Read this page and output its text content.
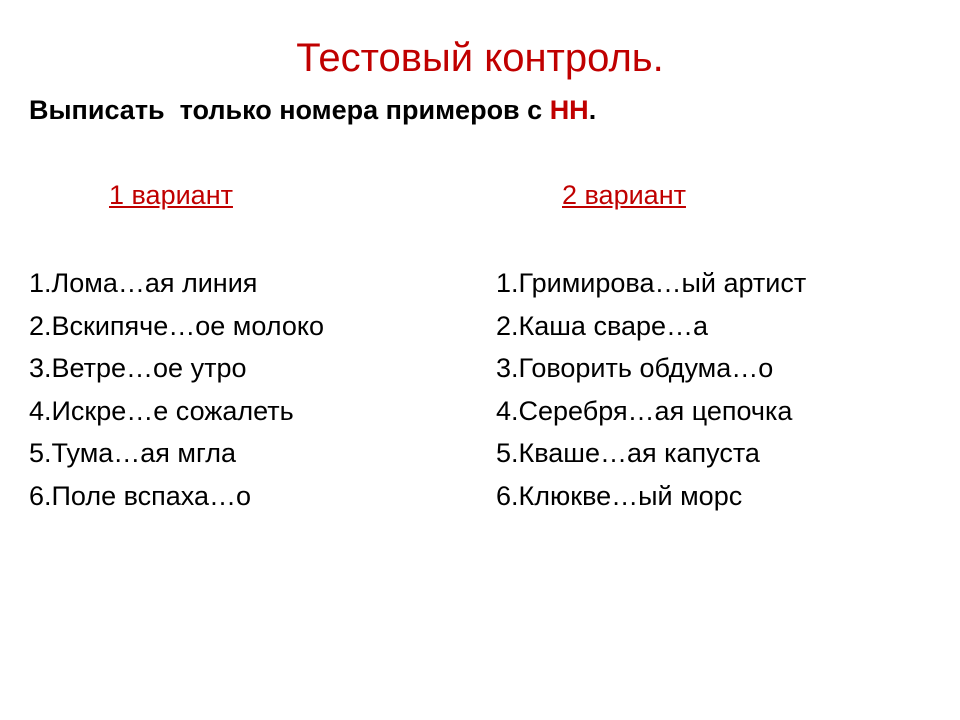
Тестовый контроль.
Выписать  только номера примеров с НН.
1 вариант	2 вариант
1.Лома…ая линия
2.Вскипяче…ое молоко
3.Ветре…ое утро
4.Искре…е сожалеть
5.Тума…ая мгла
6.Поле вспаха…о
1.Гримирова…ый артист
2.Каша сваре…а
3.Говорить обдума…о
4.Серебря…ая цепочка
5.Кваше…ая капуста
6.Клюкве…ый морс
